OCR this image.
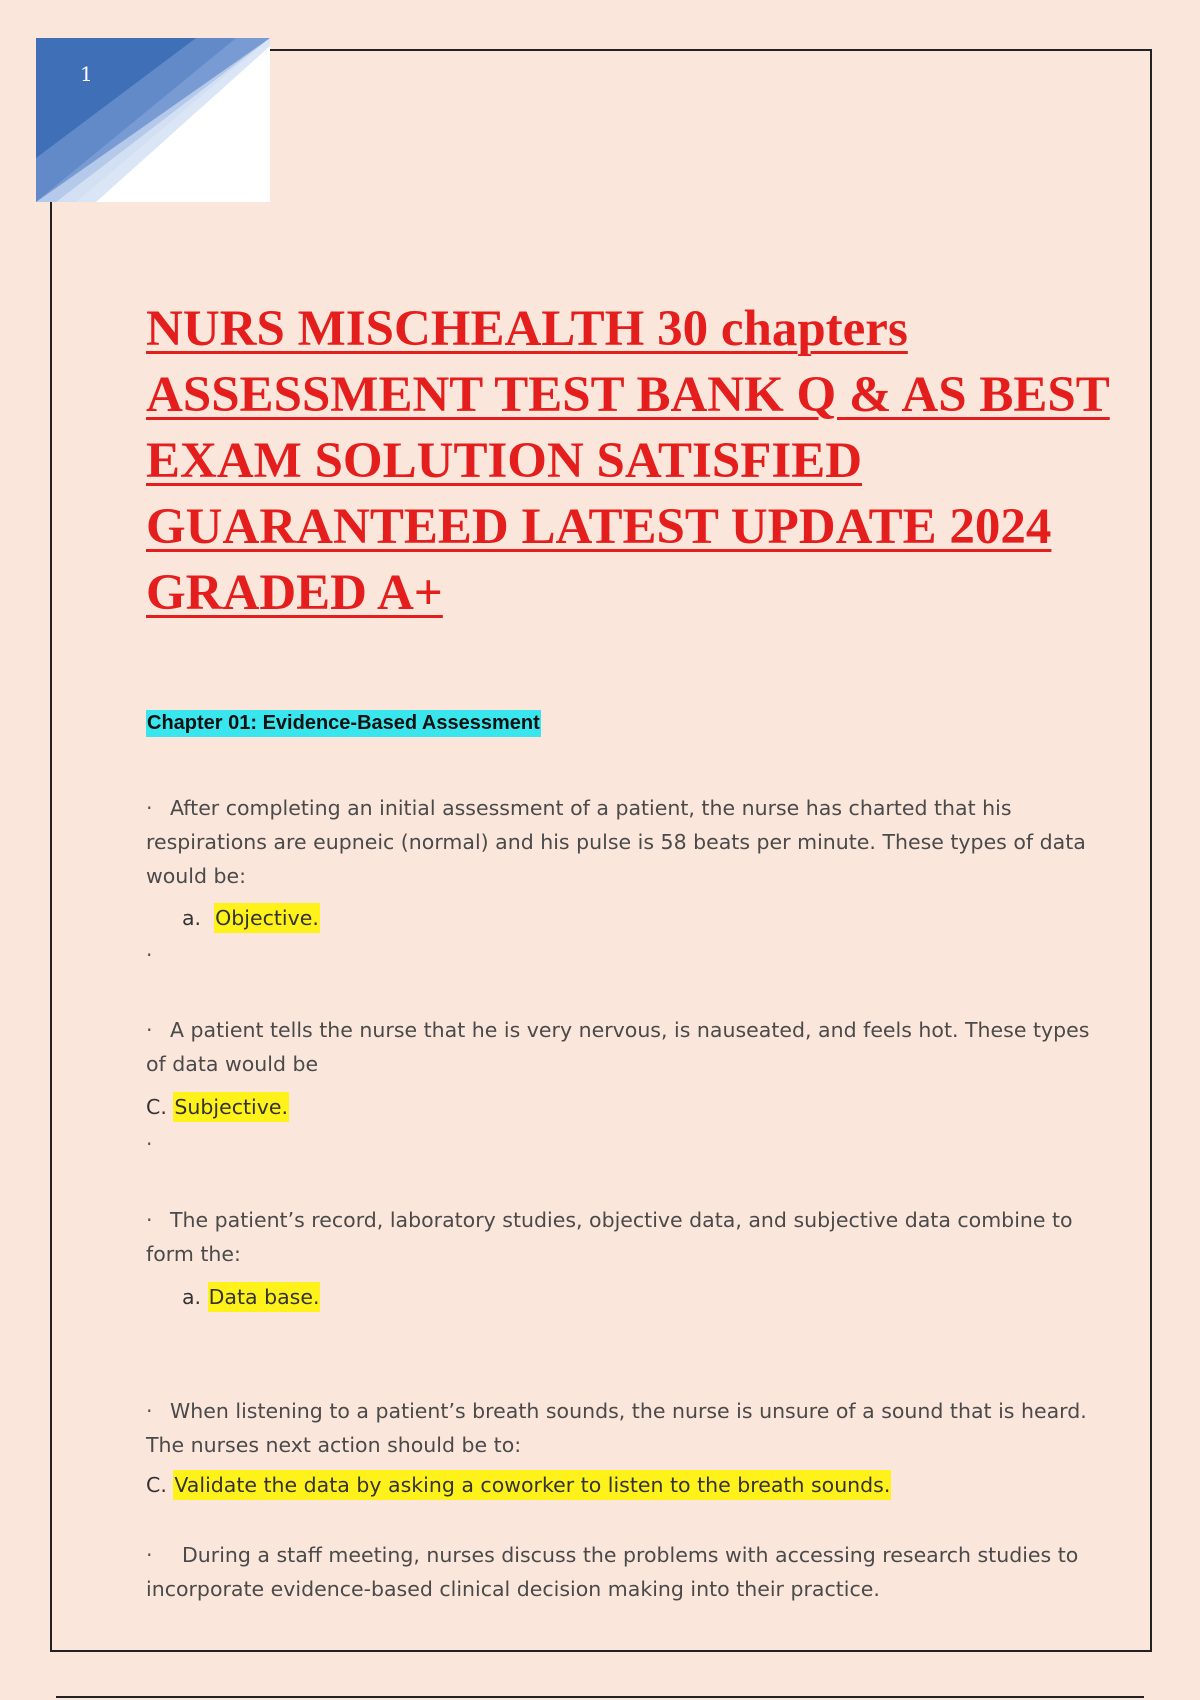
1
NURS MISCHEALTH 30 chapters
ASSESSMENT TEST BANK Q & AS BEST
EXAM SOLUTION SATISFIED
GUARANTEED LATEST UPDATE 2024
GRADED A+
Chapter 01: Evidence-Based Assessment

· After completing an initial assessment of a patient, the nurse has charted that his respirations are eupneic (normal) and his pulse is 58 beats per minute. These types of data would be:

a. Objective.
·

· A patient tells the nurse that he is very nervous, is nauseated, and feels hot. These types of data would be

C. Subjective.
·

· The patient’s record, laboratory studies, objective data, and subjective data combine to form the:

a. Data base.

· When listening to a patient’s breath sounds, the nurse is unsure of a sound that is heard. The nurses next action should be to:

C. Validate the data by asking a coworker to listen to the breath sounds.

· During a staff meeting, nurses discuss the problems with accessing research studies to incorporate evidence-based clinical decision making into their practice.
